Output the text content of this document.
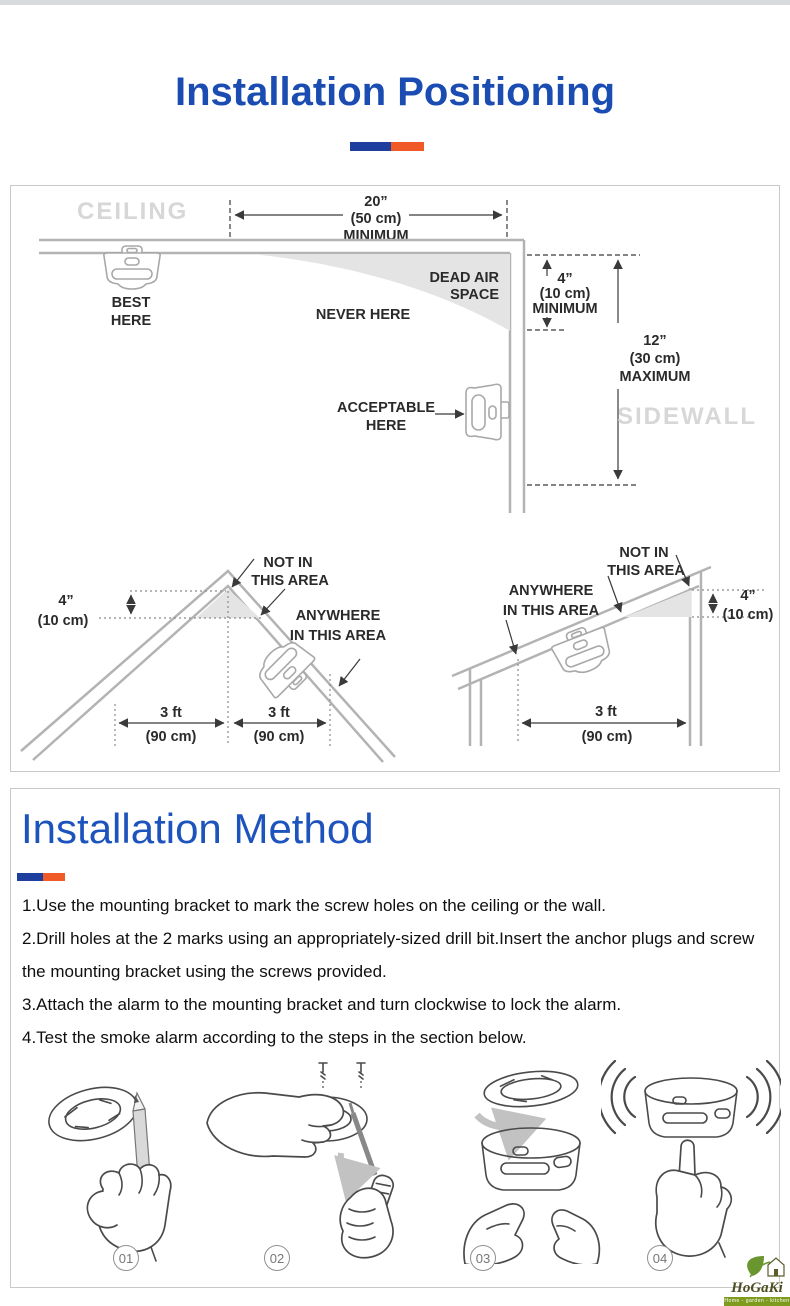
Installation Positioning
CEILING	20”
(50 cm)
MINIMUM
DEAD AIR
SPACE
BEST
HERE	NEVER HERE
4”
(10 cm)
MINIMUM
12”
(30 cm)
MAXIMUM
ACCEPTABLE
HERE	SIDEWALL
NOT IN
THIS AREA
4”
(10 cm)	ANYWHERE
IN THIS AREA
3 ft
(90 cm)
3 ft
(90 cm)
NOT IN
THIS AREA
4”
(10 cm)
ANYWHERE
IN THIS AREA
3 ft
(90 cm)
Installation Method

1.Use the mounting bracket to mark the screw holes on the ceiling or the wall.

2.Drill holes at the 2 marks using an appropriately-sized drill bit.Insert the anchor plugs and screw the mounting bracket using the screws provided.

3.Attach the alarm to the mounting bracket and turn clockwise to lock the alarm.

4.Test the smoke alarm according to the steps in the section below.

01	02	03	04
HoGaKi
Home - garden - kitchen
